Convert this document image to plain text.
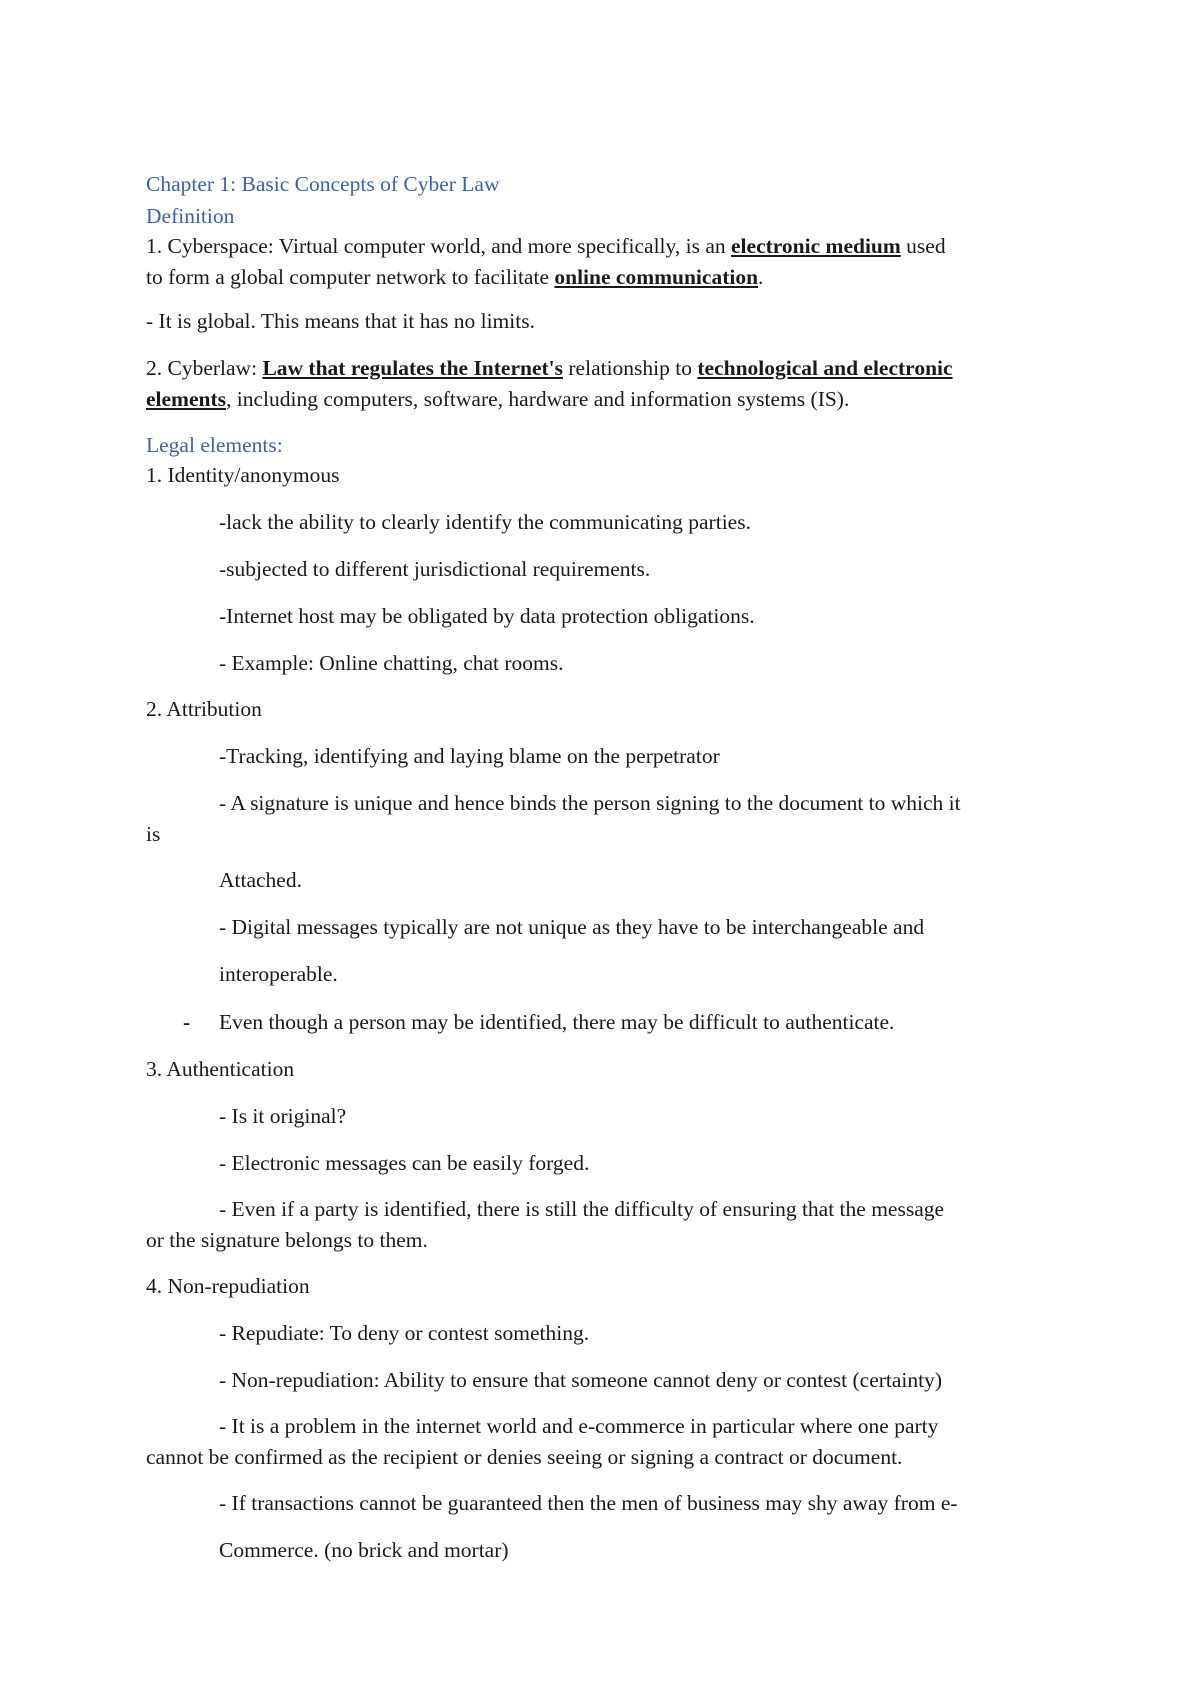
Chapter 1: Basic Concepts of Cyber Law
Definition
1. Cyberspace: Virtual computer world, and more specifically, is an electronic medium used
to form a global computer network to facilitate online communication.
- It is global. This means that it has no limits.
2. Cyberlaw: Law that regulates the Internet's relationship to technological and electronic
elements, including computers, software, hardware and information systems (IS).
Legal elements:
1. Identity/anonymous
-lack the ability to clearly identify the communicating parties.
-subjected to different jurisdictional requirements.
-Internet host may be obligated by data protection obligations.
- Example: Online chatting, chat rooms.
2. Attribution
-Tracking, identifying and laying blame on the perpetrator
- A signature is unique and hence binds the person signing to the document to which it
is
Attached.
- Digital messages typically are not unique as they have to be interchangeable and
interoperable.
- Even though a person may be identified, there may be difficult to authenticate.
3. Authentication
- Is it original?
- Electronic messages can be easily forged.
- Even if a party is identified, there is still the difficulty of ensuring that the message
or the signature belongs to them.
4. Non-repudiation
- Repudiate: To deny or contest something.
- Non-repudiation: Ability to ensure that someone cannot deny or contest (certainty)
- It is a problem in the internet world and e-commerce in particular where one party
cannot be confirmed as the recipient or denies seeing or signing a contract or document.
- If transactions cannot be guaranteed then the men of business may shy away from e-
Commerce. (no brick and mortar)
